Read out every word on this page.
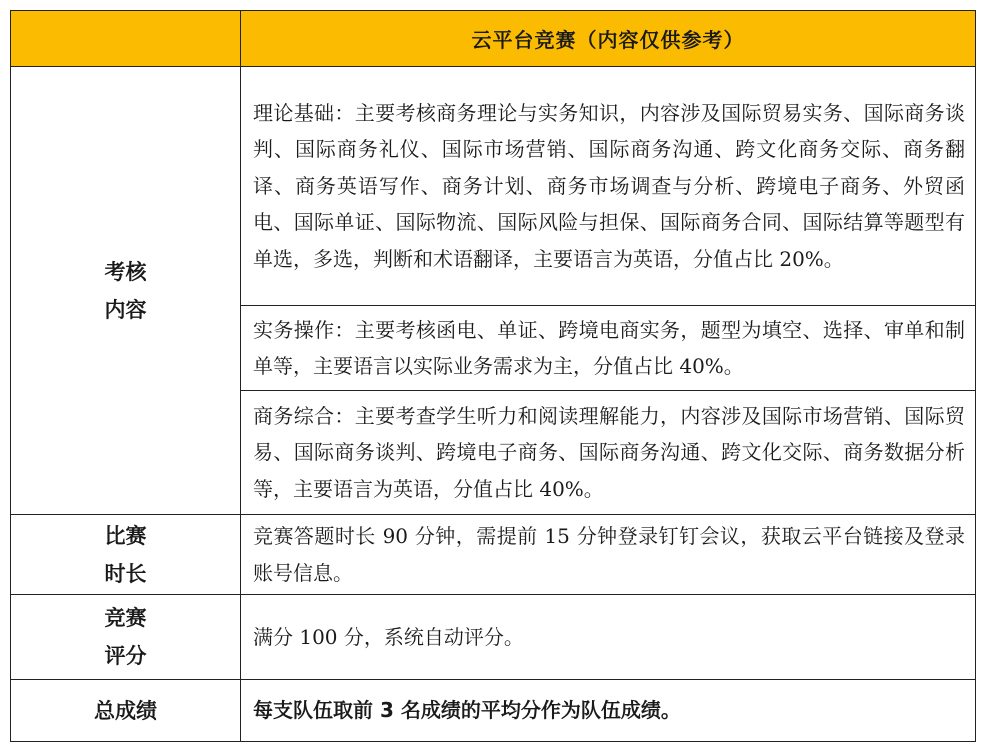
	云平台竞赛（内容仅供参考）

考核
内容	理论基础：主要考核商务理论与实务知识，内容涉及国际贸易实务、国际商务谈判、国际商务礼仪、国际市场营销、国际商务沟通、跨文化商务交际、商务翻译、商务英语写作、商务计划、商务市场调查与分析、跨境电子商务、外贸函电、国际单证、国际物流、国际风险与担保、国际商务合同、国际结算等题型有单选，多选，判断和术语翻译，主要语言为英语，分值占比 20%。
	实务操作：主要考核函电、单证、跨境电商实务，题型为填空、选择、审单和制单等，主要语言以实际业务需求为主，分值占比 40%。
	商务综合：主要考查学生听力和阅读理解能力，内容涉及国际市场营销、国际贸易、国际商务谈判、跨境电子商务、国际商务沟通、跨文化交际、商务数据分析等，主要语言为英语，分值占比 40%。

比赛
时长	竞赛答题时长 90 分钟，需提前 15 分钟登录钉钉会议，获取云平台链接及登录账号信息。

竞赛
评分	满分 100 分，系统自动评分。
总成绩	每支队伍取前 3 名成绩的平均分作为队伍成绩。
